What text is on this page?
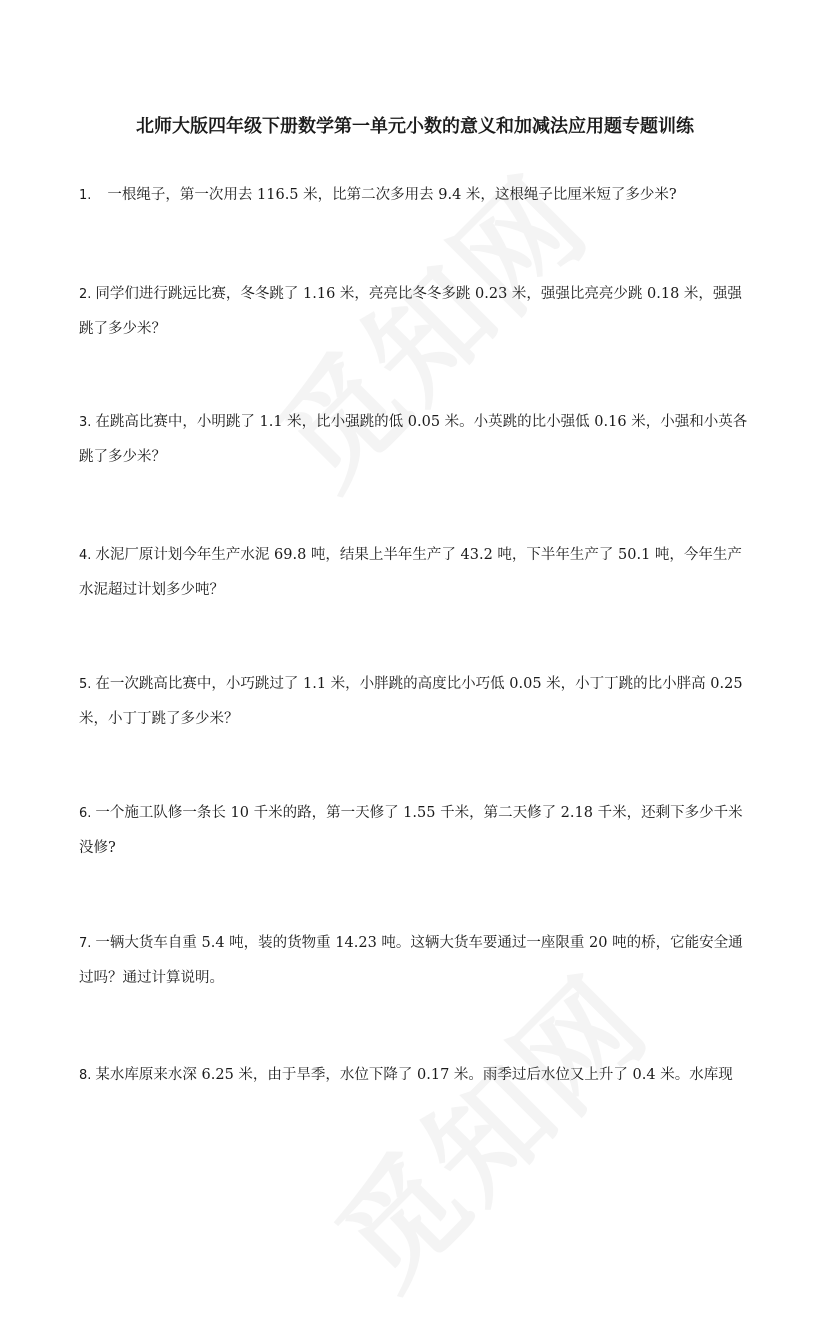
北师大版四年级下册数学第一单元小数的意义和加减法应用题专题训练

1. 一根绳子，第一次用去 116.5 米，比第二次多用去 9.4 米，这根绳子比厘米短了多少米?

2. 同学们进行跳远比赛，冬冬跳了 1.16 米，亮亮比冬冬多跳 0.23 米，强强比亮亮少跳 0.18 米，强强跳了多少米？

3. 在跳高比赛中，小明跳了 1.1 米，比小强跳的低 0.05 米。小英跳的比小强低 0.16 米，小强和小英各跳了多少米？

4. 水泥厂原计划今年生产水泥 69.8 吨，结果上半年生产了 43.2 吨，下半年生产了 50.1 吨，今年生产水泥超过计划多少吨？

5. 在一次跳高比赛中，小巧跳过了 1.1 米，小胖跳的高度比小巧低 0.05 米，小丁丁跳的比小胖高 0.25 米，小丁丁跳了多少米？

6. 一个施工队修一条长 10 千米的路，第一天修了 1.55 千米，第二天修了 2.18 千米，还剩下多少千米没修?

7. 一辆大货车自重 5.4 吨，装的货物重 14.23 吨。这辆大货车要通过一座限重 20 吨的桥，它能安全通过吗？通过计算说明。

8. 某水库原来水深 6.25 米，由于旱季，水位下降了 0.17 米。雨季过后水位又上升了 0.4 米。水库现
